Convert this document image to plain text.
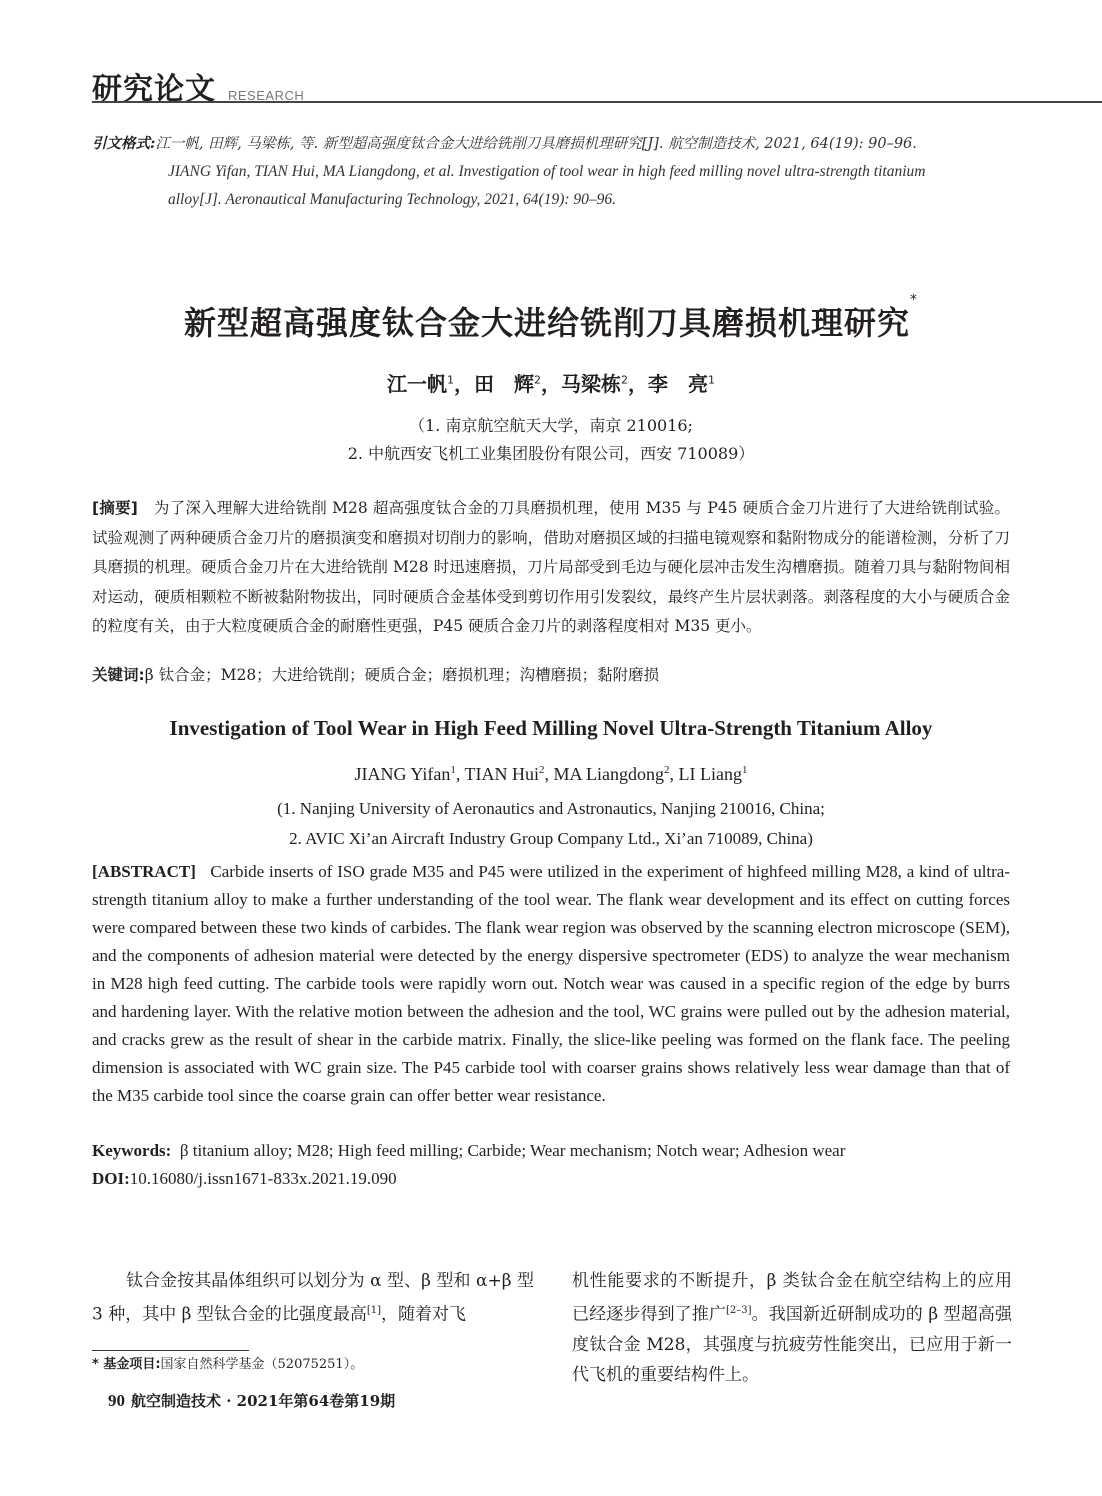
研究论文 RESEARCH
引文格式:江一帆, 田辉, 马梁栋, 等. 新型超高强度钛合金大进给铣削刀具磨损机理研究[J]. 航空制造技术, 2021, 64(19): 90–96.
JIANG Yifan, TIAN Hui, MA Liangdong, et al. Investigation of tool wear in high feed milling novel ultra-strength titanium
alloy[J]. Aeronautical Manufacturing Technology, 2021, 64(19): 90–96.
新型超高强度钛合金大进给铣削刀具磨损机理研究*
江一帆$^1$，田　辉$^2$，马梁栋$^2$，李　亮$^1$
（1. 南京航空航天大学，南京 210016;
2. 中航西安飞机工业集团股份有限公司，西安 710089）
[摘要]　 为了深入理解大进给铣削 M28 超高强度钛合金的刀具磨损机理，使用 M35 与 P45 硬质合金刀片进行了大进给铣削试验。试验观测了两种硬质合金刀片的磨损演变和磨损对切削力的影响，借助对磨损区域的扫描电镜观察和黏附物成分的能谱检测，分析了刀具磨损的机理。硬质合金刀片在大进给铣削 M28 时迅速磨损，刀片局部受到毛边与硬化层冲击发生沟槽磨损。随着刀具与黏附物间相对运动，硬质相颗粒不断被黏附物拔出，同时硬质合金基体受到剪切作用引发裂纹，最终产生片层状剥落。剥落程度的大小与硬质合金的粒度有关，由于大粒度硬质合金的耐磨性更强，P45 硬质合金刀片的剥落程度相对 M35 更小。
关键词:β 钛合金；M28；大进给铣削；硬质合金；磨损机理；沟槽磨损；黏附磨损
Investigation of Tool Wear in High Feed Milling Novel Ultra-Strength Titanium Alloy
JIANG Yifan$^1$, TIAN Hui$^2$, MA Liangdong$^2$, LI Liang$^1$
(1. Nanjing University of Aeronautics and Astronautics, Nanjing 210016, China;
2. AVIC Xi’an Aircraft Industry Group Company Ltd., Xi’an 710089, China)
[ABSTRACT] Carbide inserts of ISO grade M35 and P45 were utilized in the experiment of highfeed milling M28, a kind of ultra-strength titanium alloy to make a further understanding of the tool wear. The flank wear development and its effect on cutting forces were compared between these two kinds of carbides. The flank wear region was observed by the scanning electron microscope (SEM), and the components of adhesion material were detected by the energy dispersive spectrometer (EDS) to analyze the wear mechanism in M28 high feed cutting. The carbide tools were rapidly worn out. Notch wear was caused in a specific region of the edge by burrs and hardening layer. With the relative motion between the adhesion and the tool, WC grains were pulled out by the adhesion material, and cracks grew as the result of shear in the carbide matrix. Finally, the slice-like peeling was formed on the flank face. The peeling dimension is associated with WC grain size. The P45 carbide tool with coarser grains shows relatively less wear damage than that of the M35 carbide tool since the coarse grain can offer better wear resistance.
Keywords: β titanium alloy; M28; High feed milling; Carbide; Wear mechanism; Notch wear; Adhesion wear
DOI:10.16080/j.issn1671-833x.2021.19.090
钛合金按其晶体组织可以划分为 α 型、β 型和 α+β 型 3 种，其中 β 型钛合金的比强度最高[1]，随着对飞
机性能要求的不断提升，β 类钛合金在航空结构上的应用已经逐步得到了推广[2–3]。我国新近研制成功的 β 型超高强度钛合金 M28，其强度与抗疲劳性能突出，已应用于新一代飞机的重要结构件上。
* 基金项目:国家自然科学基金（52075251）。
90 航空制造技术 · 2021年第64卷第19期
